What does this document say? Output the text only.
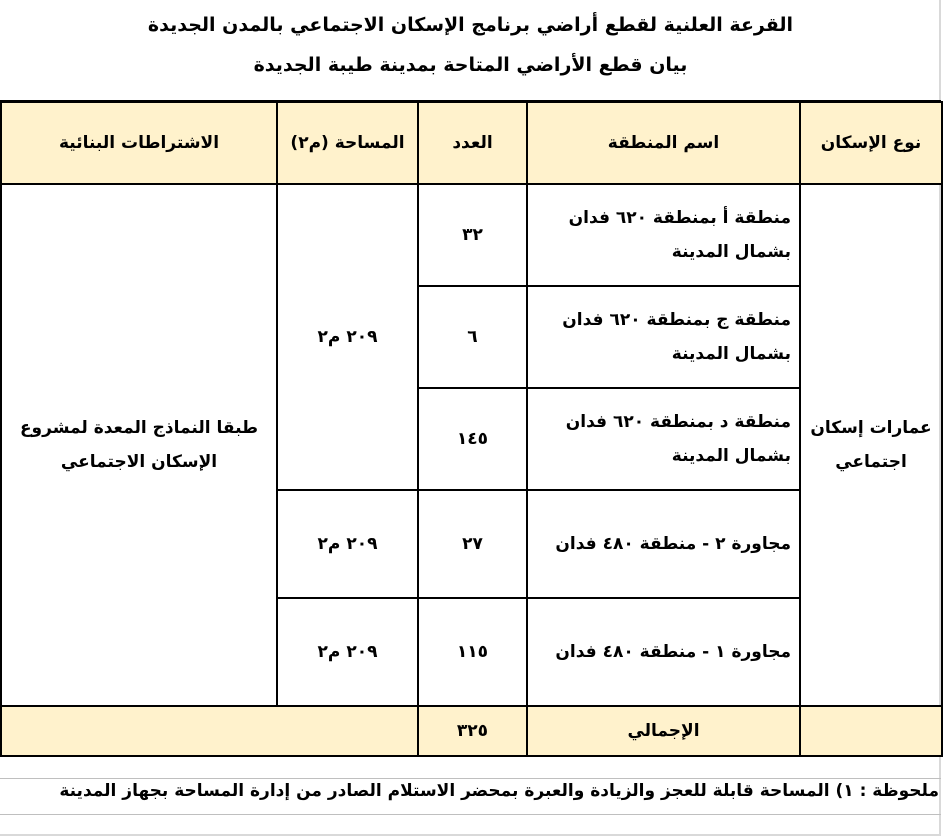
القرعة العلنية لقطع أراضي برنامج الإسكان الاجتماعي بالمدن الجديدة
بيان قطع الأراضي المتاحة بمدينة طيبة الجديدة
نوع الإسكان	اسم المنطقة	العدد	المساحة (م٢)	الاشتراطات البنائية
عمارات إسكان اجتماعي	منطقة أ بمنطقة ٦٢٠ فدان بشمال المدينة	٣٢	٢٠٩ م٢	طبقا النماذج المعدة لمشروع الإسكان الاجتماعي
	منطقة ج بمنطقة ٦٢٠ فدان بشمال المدينة	٦		
	منطقة د بمنطقة ٦٢٠ فدان بشمال المدينة	١٤٥		
	مجاورة ٢ - منطقة ٤٨٠ فدان	٢٧	٢٠٩ م٢	
	مجاورة ١ - منطقة ٤٨٠ فدان	١١٥	٢٠٩ م٢	
	الإجمالي	٣٢٥		
ملحوظة : ١) المساحة قابلة للعجز والزيادة والعبرة بمحضر الاستلام الصادر من إدارة المساحة بجهاز المدينة
